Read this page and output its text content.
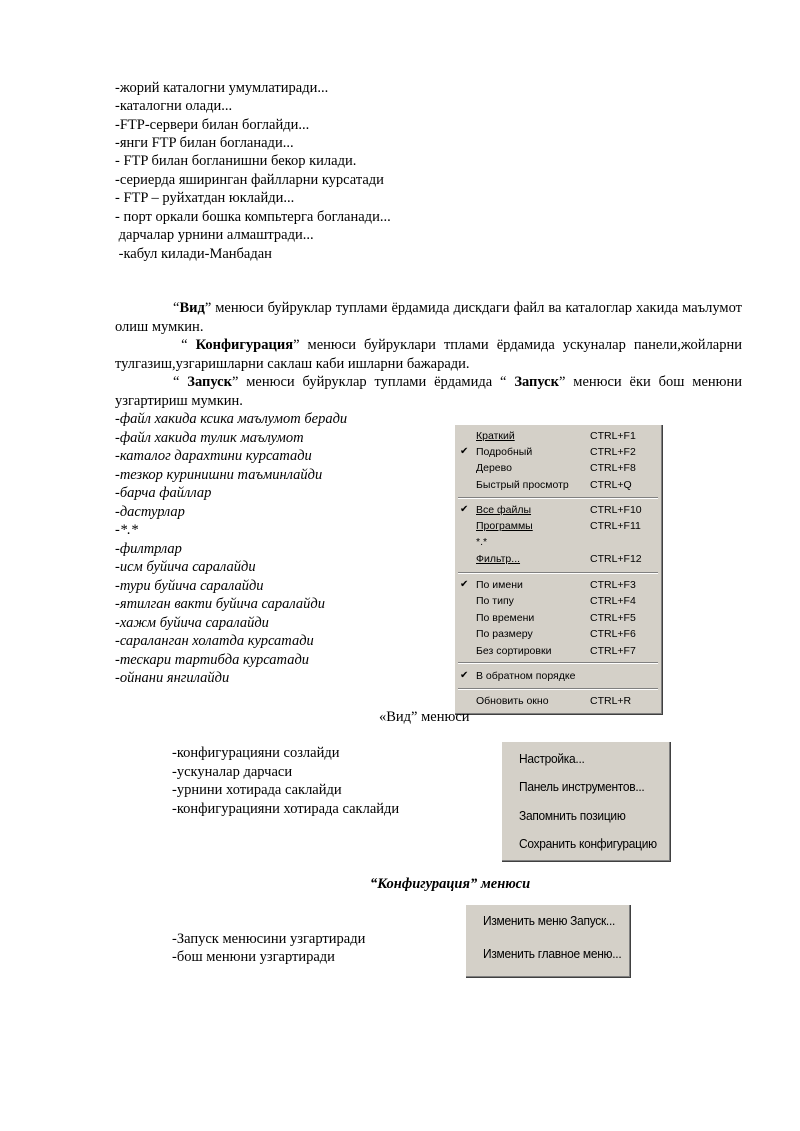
-жорий каталогни умумлатиради...
-каталогни олади...
-FTP-сервери билан боглайди...
-янги FTP билан богланади...
- FTP билан богланишни бекор килади.
-сериерда яширинган файлларни курсатади
- FTP – руйхатдан юклайди...
- порт оркали бошка компьтерга богланади...
дарчалар урнини алмаштради...
-кабул килади-Манбадан

“Вид” менюси буйруклар туплами ёрдамида дискдаги файл ва каталоглар хакида маълумот олиш мумкин.

“ Конфигурация” менюси буйруклари тплами ёрдамида ускуналар панели,жойларни тулгазиш,узгаришларни саклаш каби ишларни бажаради.

“ Запуск” менюси буйруклар туплами ёрдамида “ Запуск” менюси ёки бош менюни узгартириш мумкин.

-файл хакида ксика маълумот беради
-файл хакида тулик маълумот
-каталог дарахтини курсатади
-тезкор куринишни таъминлайди
-барча файллар
-дастурлар
-*.*
-филтрлар
-исм буйича саралайди
-тури буйича саралайди
-ятилган вакти буйича саралайди
-хажм буйича саралайди
-сараланган холатда курсатади
-тескари тартибда курсатади
-ойнани янгилайди
Краткий	CTRL+F1
✔ Подробный	CTRL+F2
Дерево	CTRL+F8
Быстрый просмотр CTRL+Q
✔ Все файлы	CTRL+F10
Программы	CTRL+F11
*.*
Фильтр...	CTRL+F12
✔ По имени	CTRL+F3
По типу	CTRL+F4
По времени	CTRL+F5
По размеру	CTRL+F6
Без сортировки	CTRL+F7
✔ В обратном порядке
Обновить окно	CTRL+R
«Вид” менюси
-конфигурацияни созлайди
-ускуналар дарчаси
-урнини хотирада саклайди
-конфигурацияни хотирада саклайди
Настройка...
Панель инструментов...
Запомнить позицию
Сохранить конфигурацию
“Конфигурация” менюси
-Запуск менюсини узгартиради
-бош менюни узгартиради
Изменить меню Запуск...
Изменить главное меню...
